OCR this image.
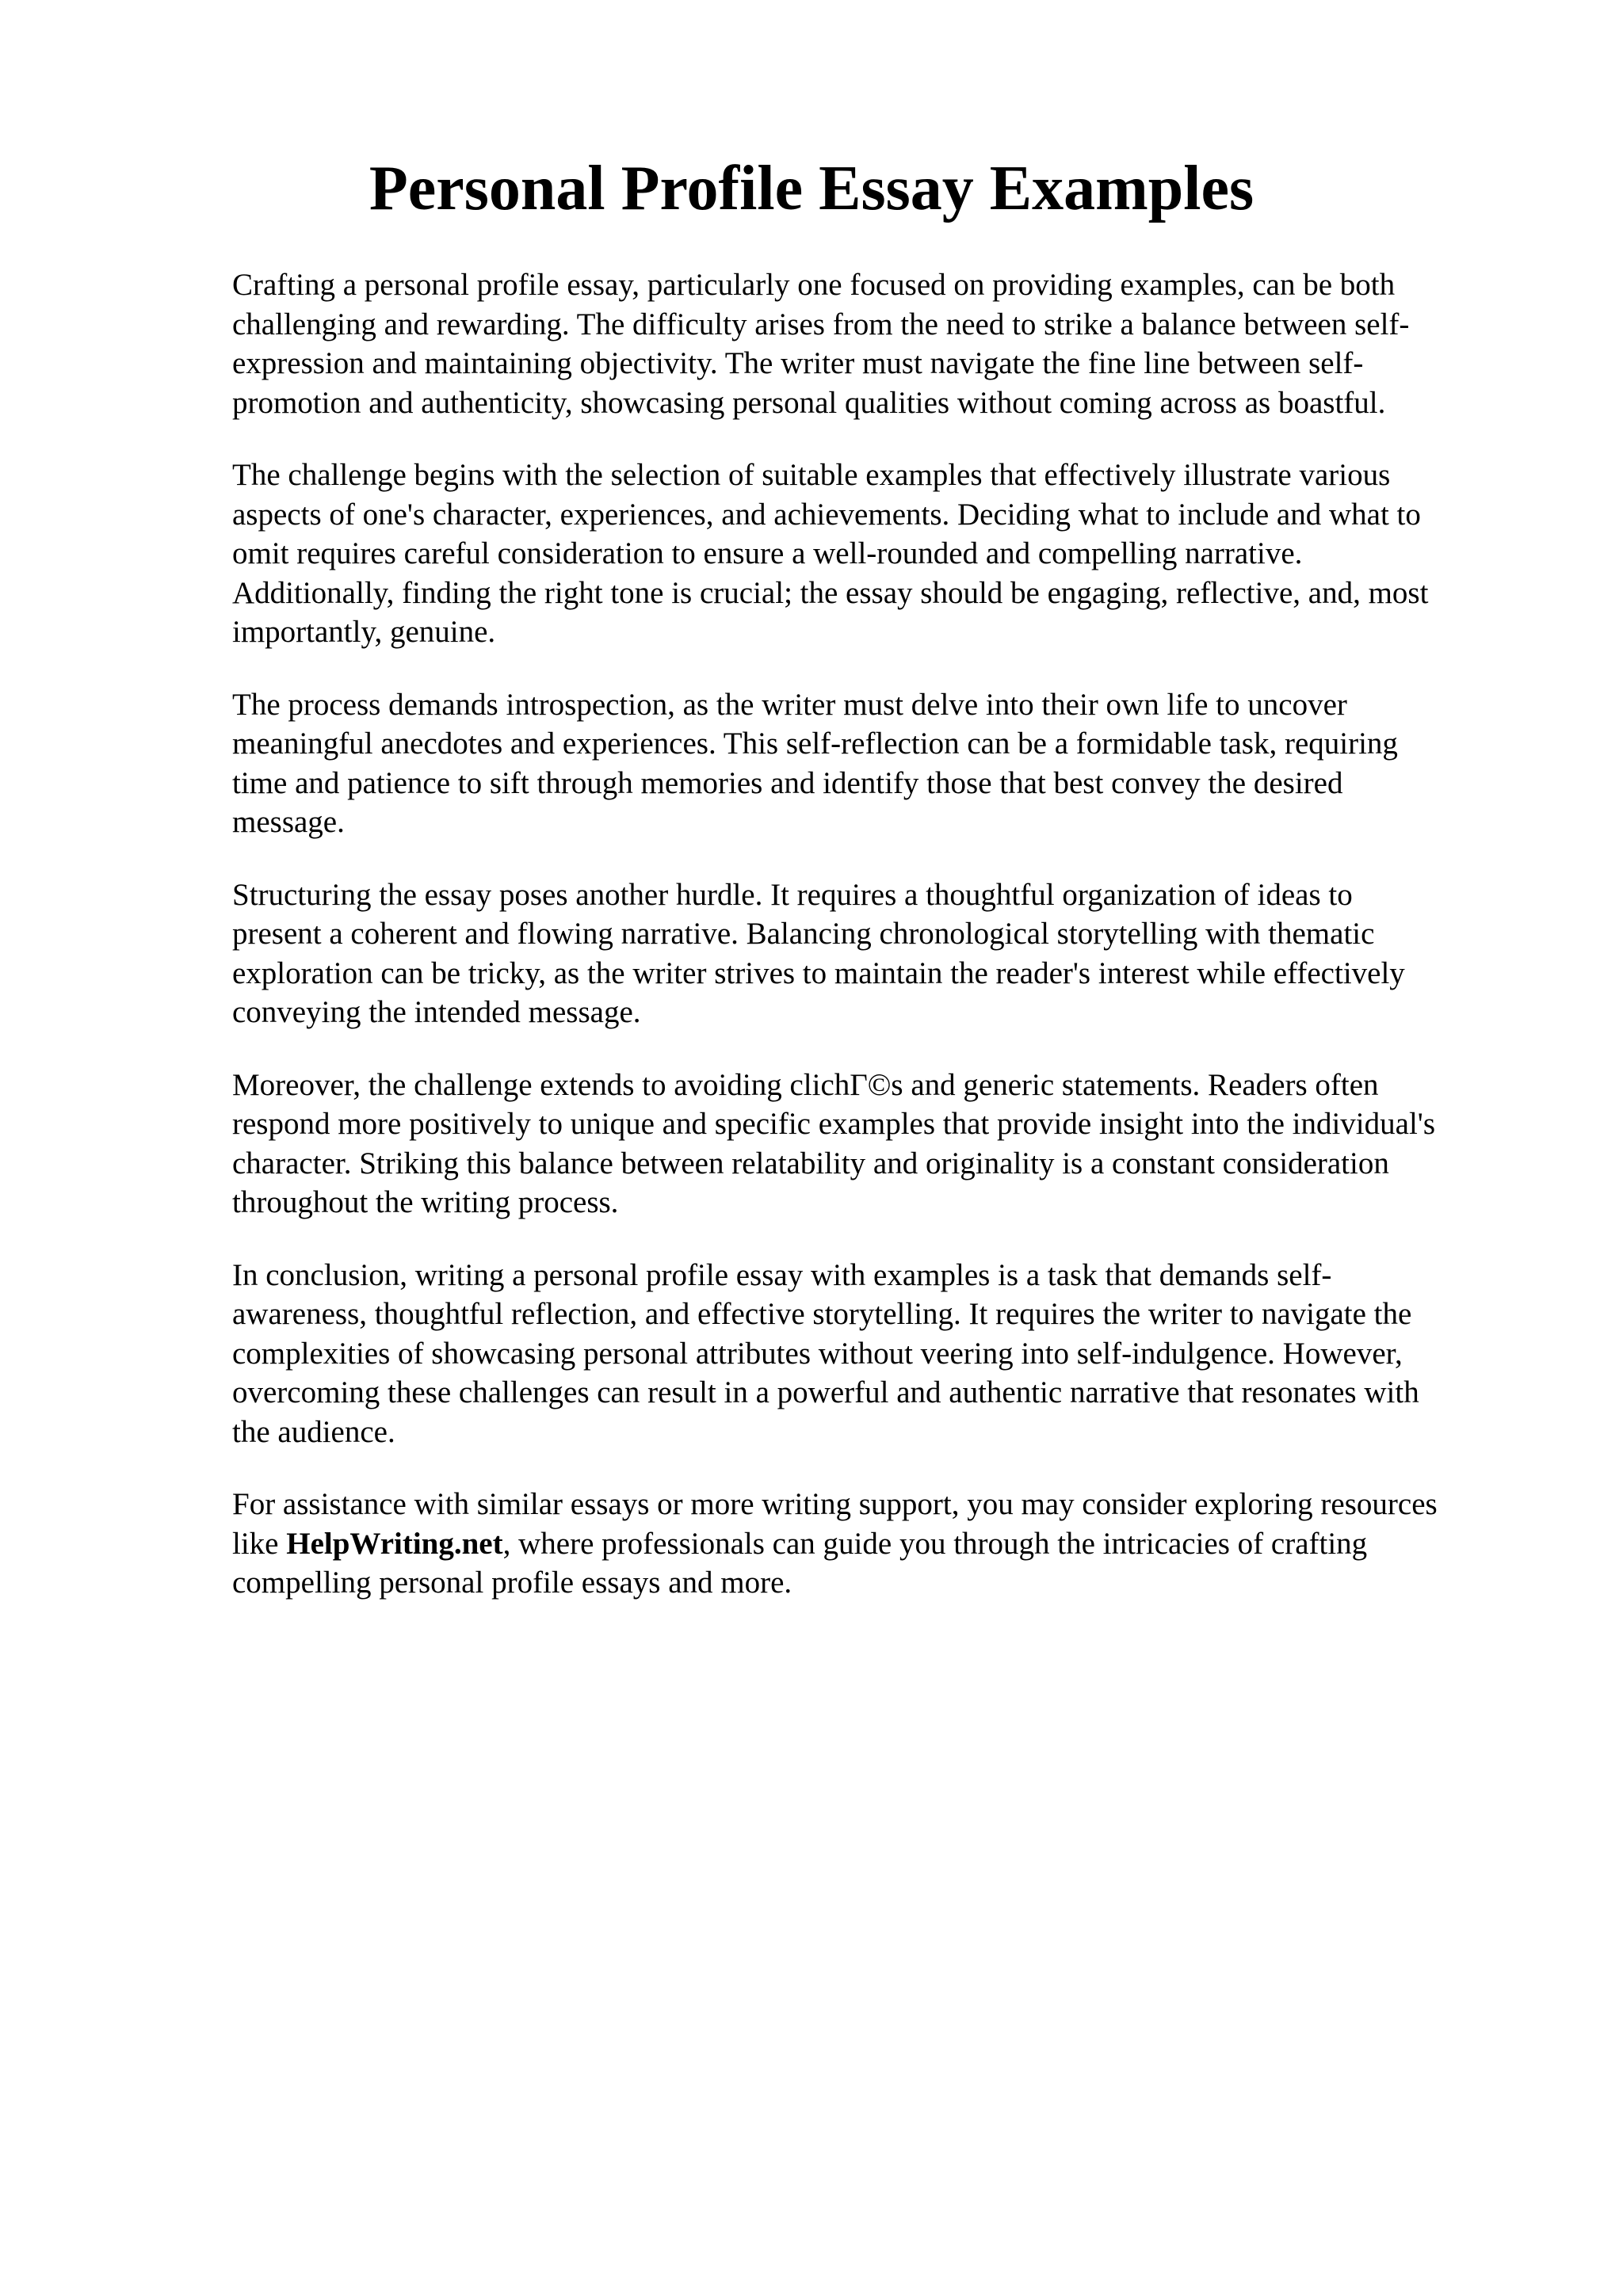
Personal Profile Essay Examples

Crafting a personal profile essay, particularly one focused on providing examples, can be both
challenging and rewarding. The difficulty arises from the need to strike a balance between self-
expression and maintaining objectivity. The writer must navigate the fine line between self-
promotion and authenticity, showcasing personal qualities without coming across as boastful.

The challenge begins with the selection of suitable examples that effectively illustrate various
aspects of one's character, experiences, and achievements. Deciding what to include and what to
omit requires careful consideration to ensure a well-rounded and compelling narrative.
Additionally, finding the right tone is crucial; the essay should be engaging, reflective, and, most
importantly, genuine.

The process demands introspection, as the writer must delve into their own life to uncover
meaningful anecdotes and experiences. This self-reflection can be a formidable task, requiring
time and patience to sift through memories and identify those that best convey the desired
message.

Structuring the essay poses another hurdle. It requires a thoughtful organization of ideas to
present a coherent and flowing narrative. Balancing chronological storytelling with thematic
exploration can be tricky, as the writer strives to maintain the reader's interest while effectively
conveying the intended message.

Moreover, the challenge extends to avoiding clichΓ©s and generic statements. Readers often
respond more positively to unique and specific examples that provide insight into the individual's
character. Striking this balance between relatability and originality is a constant consideration
throughout the writing process.

In conclusion, writing a personal profile essay with examples is a task that demands self-
awareness, thoughtful reflection, and effective storytelling. It requires the writer to navigate the
complexities of showcasing personal attributes without veering into self-indulgence. However,
overcoming these challenges can result in a powerful and authentic narrative that resonates with
the audience.

For assistance with similar essays or more writing support, you may consider exploring resources
like HelpWriting.net, where professionals can guide you through the intricacies of crafting
compelling personal profile essays and more.
